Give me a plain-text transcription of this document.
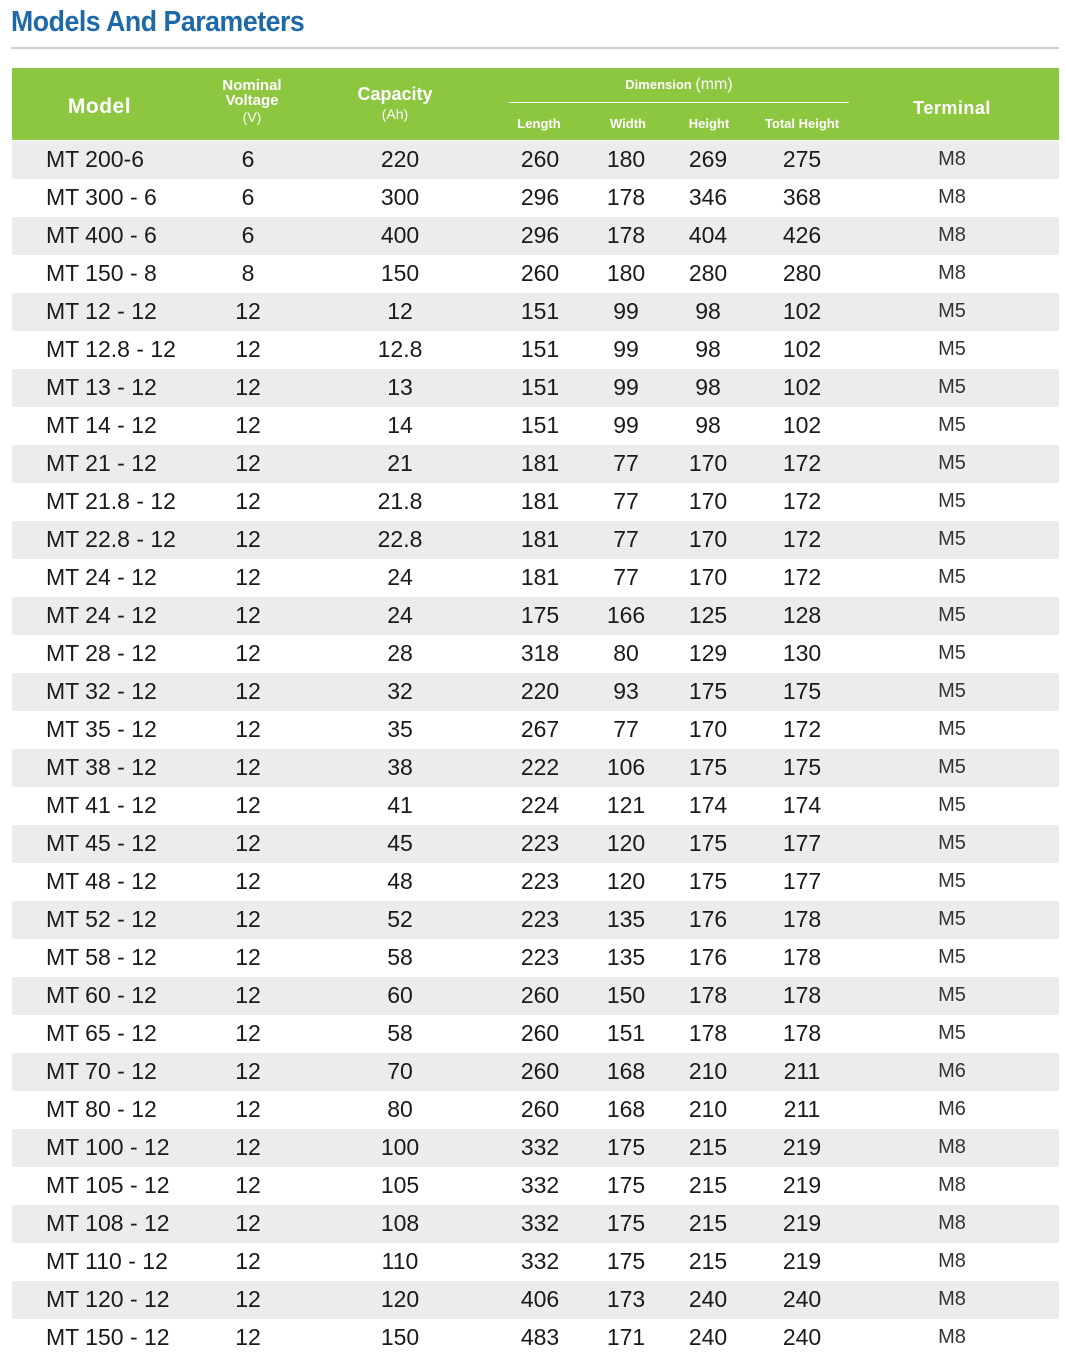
Models And Parameters
Model
Nominal Voltage
(V)
Capacity
(Ah)
Dimension (mm)
Length	Width	Height	Total Height
Terminal
MT 200-6	6	220	260	180	269	275	M8
MT 300 - 6	6	300	296	178	346	368	M8
MT 400 - 6	6	400	296	178	404	426	M8
MT 150 - 8	8	150	260	180	280	280	M8
MT 12 - 12	12	12	151	99	98	102	M5
MT 12.8 - 12	12	12.8	151	99	98	102	M5
MT 13 - 12	12	13	151	99	98	102	M5
MT 14 - 12	12	14	151	99	98	102	M5
MT 21 - 12	12	21	181	77	170	172	M5
MT 21.8 - 12	12	21.8	181	77	170	172	M5
MT 22.8 - 12	12	22.8	181	77	170	172	M5
MT 24 - 12	12	24	181	77	170	172	M5
MT 24 - 12	12	24	175	166	125	128	M5
MT 28 - 12	12	28	318	80	129	130	M5
MT 32 - 12	12	32	220	93	175	175	M5
MT 35 - 12	12	35	267	77	170	172	M5
MT 38 - 12	12	38	222	106	175	175	M5
MT 41 - 12	12	41	224	121	174	174	M5
MT 45 - 12	12	45	223	120	175	177	M5
MT 48 - 12	12	48	223	120	175	177	M5
MT 52 - 12	12	52	223	135	176	178	M5
MT 58 - 12	12	58	223	135	176	178	M5
MT 60 - 12	12	60	260	150	178	178	M5
MT 65 - 12	12	58	260	151	178	178	M5
MT 70 - 12	12	70	260	168	210	211	M6
MT 80 - 12	12	80	260	168	210	211	M6
MT 100 - 12	12	100	332	175	215	219	M8
MT 105 - 12	12	105	332	175	215	219	M8
MT 108 - 12	12	108	332	175	215	219	M8
MT 110 - 12	12	110	332	175	215	219	M8
MT 120 - 12	12	120	406	173	240	240	M8
MT 150 - 12	12	150	483	171	240	240	M8
